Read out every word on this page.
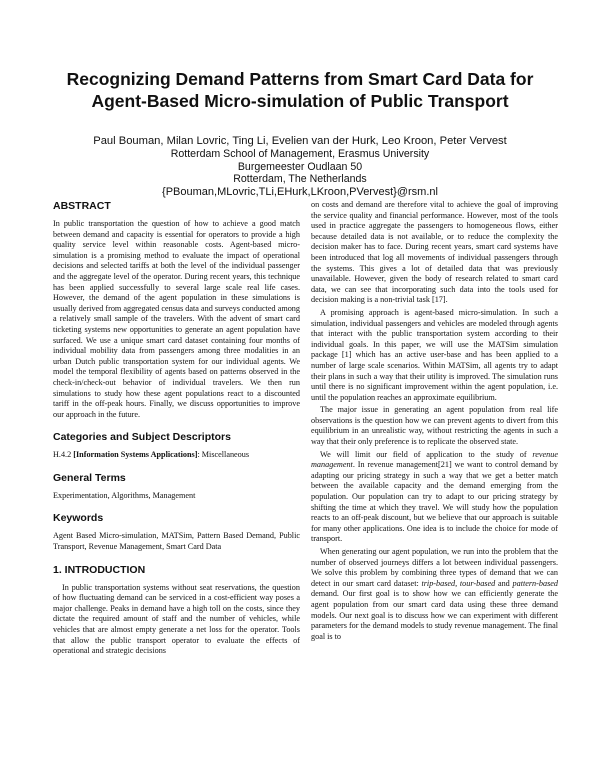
Recognizing Demand Patterns from Smart Card Data for
Agent-Based Micro-simulation of Public Transport
Paul Bouman, Milan Lovric, Ting Li, Evelien van der Hurk, Leo Kroon, Peter Vervest
Rotterdam School of Management, Erasmus University
Burgemeester Oudlaan 50
Rotterdam, The Netherlands
{PBouman,MLovric,TLi,EHurk,LKroon,PVervest}@rsm.nl
ABSTRACT

In public transportation the question of how to achieve a good match between demand and capacity is essential for operators to provide a high quality service level within reasonable costs. Agent-based micro-simulation is a promising method to evaluate the impact of operational decisions and selected tariffs at both the level of the individual passenger and the aggregate level of the operator. During recent years, this technique has been applied successfully to several large scale real life cases. However, the demand of the agent population in these simulations is usually derived from aggregated census data and surveys conducted among a relatively small sample of the travelers. With the advent of smart card ticketing systems new opportunities to generate an agent population have surfaced. We use a unique smart card dataset containing four months of individual mobility data from passengers among three modalities in an urban Dutch public transportation system for our individual agents. We model the temporal flexibility of agents based on patterns observed in the check-in/check-out behavior of individual travelers. We then run simulations to study how these agent populations react to a discounted tariff in the off-peak hours. Finally, we discuss opportunities to improve our approach in the future.

Categories and Subject Descriptors

H.4.2 [Information Systems Applications]: Miscellaneous

General Terms

Experimentation, Algorithms, Management

Keywords

Agent Based Micro-simulation, MATSim, Pattern Based Demand, Public Transport, Revenue Management, Smart Card Data

1. INTRODUCTION

In public transportation systems without seat reservations, the question of how fluctuating demand can be serviced in a cost-efficient way poses a major challenge. Peaks in demand have a high toll on the costs, since they dictate the required amount of staff and the number of vehicles, while vehicles that are almost empty generate a net loss for the operator. Tools that allow the public transport operator to evaluate the effects of operational and strategic decisions

on costs and demand are therefore vital to achieve the goal of improving the service quality and financial performance. However, most of the tools used in practice aggregate the passengers to homogeneous flows, either because detailed data is not available, or to reduce the complexity the decision maker has to face. During recent years, smart card systems have been introduced that log all movements of individual passengers through the systems. This gives a lot of detailed data that was previously unavailable. However, given the body of research related to smart card data, we can see that incorporating such data into the tools used for decision making is a non-trivial task [17].

A promising approach is agent-based micro-simulation. In such a simulation, individual passengers and vehicles are modeled through agents that interact with the public transportation system according to their individual goals. In this paper, we will use the MATSim simulation package [1] which has an active user-base and has been applied to a number of large scale scenarios. Within MATSim, all agents try to adapt their plans in such a way that their utility is improved. The simulation runs until there is no significant improvement within the agent population, i.e. until the population reaches an approximate equilibrium.

The major issue in generating an agent population from real life observations is the question how we can prevent agents to divert from this equilibrium in an unrealistic way, without restricting the agents in such a way that their only preference is to replicate the observed state.

We will limit our field of application to the study of revenue management. In revenue management[21] we want to control demand by adapting our pricing strategy in such a way that we get a better match between the available capacity and the demand emerging from the population. Our population can try to adapt to our pricing strategy by shifting the time at which they travel. We will study how the population reacts to an off-peak discount, but we believe that our approach is suitable for many other applications. One idea is to include the choice for mode of transport.

When generating our agent population, we run into the problem that the number of observed journeys differs a lot between individual passengers. We solve this problem by combining three types of demand that we can detect in our smart card dataset: trip-based, tour-based and pattern-based demand. Our first goal is to show how we can efficiently generate the agent population from our smart card data using these three demand models. Our next goal is to discuss how we can experiment with different parameters for the demand models to study revenue management. The final goal is to
